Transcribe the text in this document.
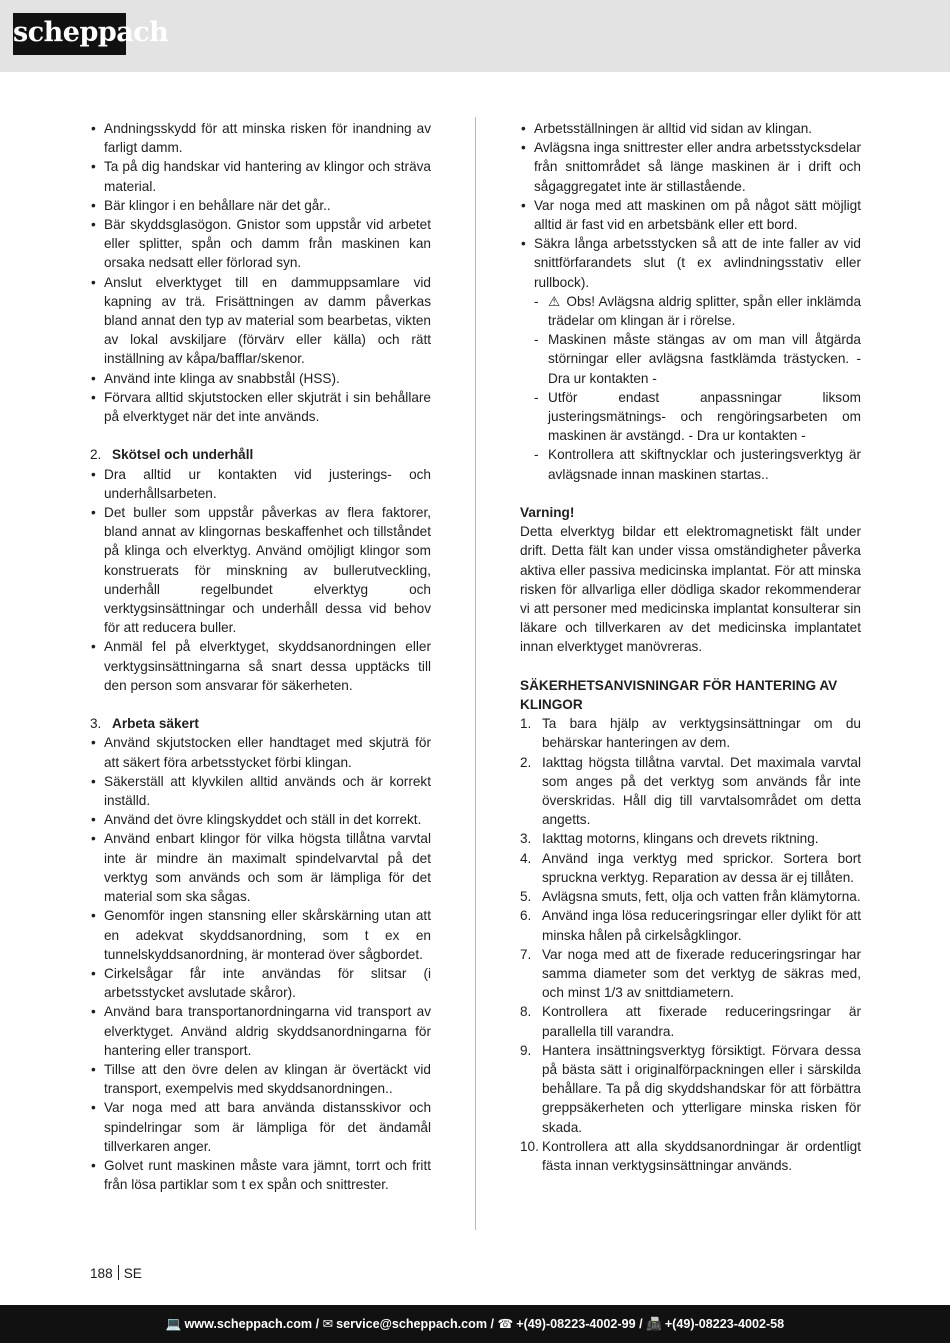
scheppach
• Andningsskydd för att minska risken för inandning av farligt damm.
• Ta på dig handskar vid hantering av klingor och sträva material.
• Bär klingor i en behållare när det går..
• Bär skyddsglasögon. Gnistor som uppstår vid arbetet eller splitter, spån och damm från maskinen kan orsaka nedsatt eller förlorad syn.
• Anslut elverktyget till en dammuppsamlare vid kapning av trä. Frisättningen av damm påverkas bland annat den typ av material som bearbetas, vikten av lokal avskiljare (förvärv eller källa) och rätt inställning av kåpa/bafflar/skenor.
• Använd inte klinga av snabbstål (HSS).
• Förvara alltid skjutstocken eller skjuträt i sin behållare på elverktyget när det inte används.
2. Skötsel och underhåll
• Dra alltid ur kontakten vid justerings- och underhållsarbeten.
• Det buller som uppstår påverkas av flera faktorer, bland annat av klingornas beskaffenhet och tillståndet på klinga och elverktyg. Använd omöjligt klingor som konstruerats för minskning av bullerutveckling, underhåll regelbundet elverktyg och verktygsinsättningar och underhåll dessa vid behov för att reducera buller.
• Anmäl fel på elverktyget, skyddsanordningen eller verktygsinsättningarna så snart dessa upptäcks till den person som ansvarar för säkerheten.
3. Arbeta säkert
• Använd skjutstocken eller handtaget med skjuträ för att säkert föra arbetsstycket förbi klingan.
• Säkerställ att klyvkilen alltid används och är korrekt inställd.
• Använd det övre klingskyddet och ställ in det korrekt.
• Använd enbart klingor för vilka högsta tillåtna varvtal inte är mindre än maximalt spindelvarvtal på det verktyg som används och som är lämpliga för det material som ska sågas.
• Genomför ingen stansning eller skårskärning utan att en adekvat skyddsanordning, som t ex en tunnelskyddsanordning, är monterad över sågbordet.
• Cirkelsågar får inte användas för slitsar (i arbetsstycket avslutade skåror).
• Använd bara transportanordningarna vid transport av elverktyget. Använd aldrig skyddsanordningarna för hantering eller transport.
• Tillse att den övre delen av klingan är övertäckt vid transport, exempelvis med skyddsanordningen..
• Var noga med att bara använda distansskivor och spindelringar som är lämpliga för det ändamål tillverkaren anger.
• Golvet runt maskinen måste vara jämnt, torrt och fritt från lösa partiklar som t ex spån och snittrester.
• Arbetsställningen är alltid vid sidan av klingan.
• Avlägsna inga snittrester eller andra arbetsstycksdelar från snittområdet så länge maskinen är i drift och sågaggregatet inte är stillastående.
• Var noga med att maskinen om på något sätt möjligt alltid är fast vid en arbetsbänk eller ett bord.
• Säkra långa arbetsstycken så att de inte faller av vid snittförfarandets slut (t ex avlindningsstativ eller rullbock).
- ⚠ Obs! Avlägsna aldrig splitter, spån eller inklämda trädelar om klingan är i rörelse.
- Maskinen måste stängas av om man vill åtgärda störningar eller avlägsna fastklämda trästycken. - Dra ur kontakten -
- Utför endast anpassningar liksom justeringsmätnings- och rengöringsarbeten om maskinen är avstängd. - Dra ur kontakten -
- Kontrollera att skiftnycklar och justeringsverktyg är avlägsnade innan maskinen startas..
Varning!
Detta elverktyg bildar ett elektromagnetiskt fält under drift. Detta fält kan under vissa omständigheter påverka aktiva eller passiva medicinska implantat. För att minska risken för allvarliga eller dödliga skador rekommenderar vi att personer med medicinska implantat konsulterar sin läkare och tillverkaren av det medicinska implantatet innan elverktyget manövreras.
SÄKERHETSANVISNINGAR FÖR HANTERING AV KLINGOR
1. Ta bara hjälp av verktygsinsättningar om du behärskar hanteringen av dem.
2. Iakttag högsta tillåtna varvtal. Det maximala varvtal som anges på det verktyg som används får inte överskridas. Håll dig till varvtalsområdet om detta angetts.
3. Iakttag motorns, klingans och drevets riktning.
4. Använd inga verktyg med sprickor. Sortera bort spruckna verktyg. Reparation av dessa är ej tillåten.
5. Avlägsna smuts, fett, olja och vatten från klämytorna.
6. Använd inga lösa reduceringsringar eller dylikt för att minska hålen på cirkelsågklingor.
7. Var noga med att de fixerade reduceringsringar har samma diameter som det verktyg de säkras med, och minst 1/3 av snittdiametern.
8. Kontrollera att fixerade reduceringsringar är parallella till varandra.
9. Hantera insättningsverktyg försiktigt. Förvara dessa på bästa sätt i originalförpackningen eller i särskilda behållare. Ta på dig skyddshandskar för att förbättra greppsäkerheten och ytterligare minska risken för skada.
10. Kontrollera att alla skyddsanordningar är ordentligt fästa innan verktygsinsättningar används.
188 SE
💻 www.scheppach.com / ✉ service@scheppach.com / ☎ +(49)-08223-4002-99 / 📠 +(49)-08223-4002-58
